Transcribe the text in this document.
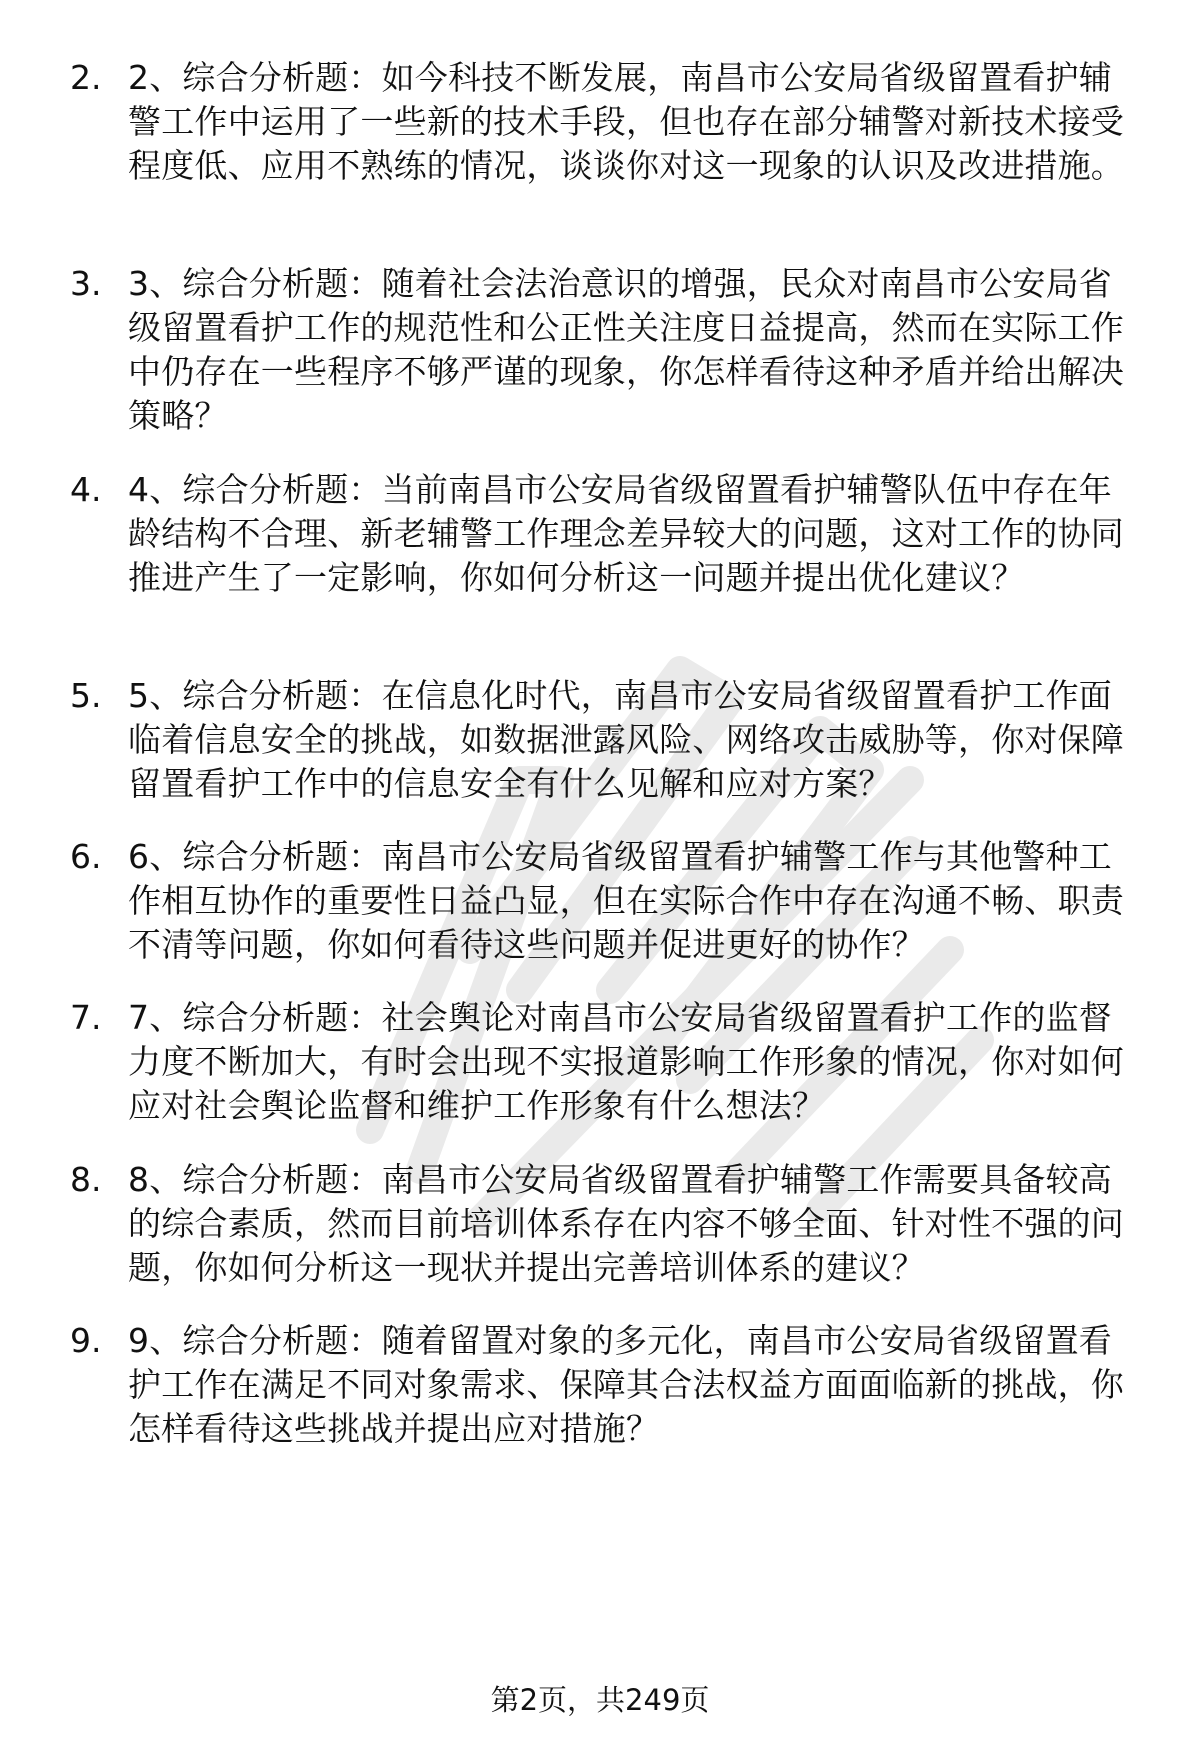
2. 2、综合分析题：如今科技不断发展，南昌市公安局省级留置看护辅警工作中运用了一些新的技术手段，但也存在部分辅警对新技术接受程度低、应用不熟练的情况，谈谈你对这一现象的认识及改进措施。
3. 3、综合分析题：随着社会法治意识的增强，民众对南昌市公安局省级留置看护工作的规范性和公正性关注度日益提高，然而在实际工作中仍存在一些程序不够严谨的现象，你怎样看待这种矛盾并给出解决策略？
4. 4、综合分析题：当前南昌市公安局省级留置看护辅警队伍中存在年龄结构不合理、新老辅警工作理念差异较大的问题，这对工作的协同推进产生了一定影响，你如何分析这一问题并提出优化建议？
5. 5、综合分析题：在信息化时代，南昌市公安局省级留置看护工作面临着信息安全的挑战，如数据泄露风险、网络攻击威胁等，你对保障留置看护工作中的信息安全有什么见解和应对方案？
6. 6、综合分析题：南昌市公安局省级留置看护辅警工作与其他警种工作相互协作的重要性日益凸显，但在实际合作中存在沟通不畅、职责不清等问题，你如何看待这些问题并促进更好的协作？
7. 7、综合分析题：社会舆论对南昌市公安局省级留置看护工作的监督力度不断加大，有时会出现不实报道影响工作形象的情况，你对如何应对社会舆论监督和维护工作形象有什么想法？
8. 8、综合分析题：南昌市公安局省级留置看护辅警工作需要具备较高的综合素质，然而目前培训体系存在内容不够全面、针对性不强的问题，你如何分析这一现状并提出完善培训体系的建议？
9. 9、综合分析题：随着留置对象的多元化，南昌市公安局省级留置看护工作在满足不同对象需求、保障其合法权益方面面临新的挑战，你怎样看待这些挑战并提出应对措施？
第2页，共249页
